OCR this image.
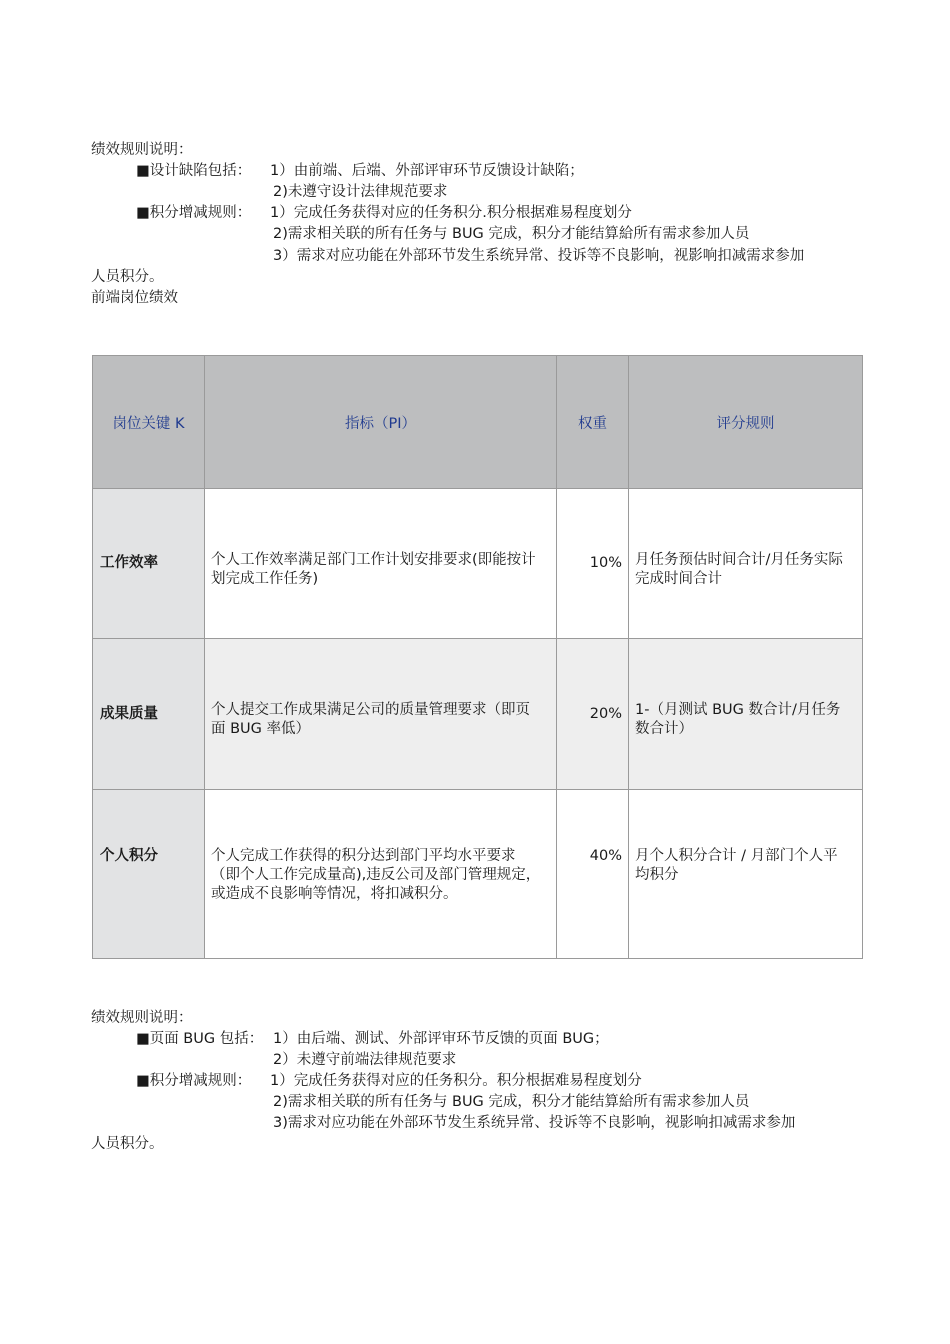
绩效规则说明：
■设计缺陷包括： 1）由前端、后端、外部评审环节反馈设计缺陷；
2)未遵守设计法律规范要求
■积分增减规则： 1）完成任务获得对应的任务积分.积分根据难易程度划分
2)需求相关联的所有任务与 BUG 完成，积分才能结算給所有需求参加人员
3）需求对应功能在外部环节发生系统异常、投诉等不良影响，视影响扣减需求参加
人员积分。
前端岗位绩效
岗位关键 K	指标（PI）	权重	评分规则
工作效率	个人工作效率满足部门工作计划安排要求(即能按计划完成工作任务)	10%	月任务预估时间合计/月任务实际完成时间合计

成果质量	个人提交工作成果满足公司的质量管理要求（即页面 BUG 率低）	20%	1-（月测试 BUG 数合计/月任务数合计）

个人积分	个人完成工作获得的积分达到部门平均水平要求（即个人工作完成量高),违反公司及部门管理规定，或造成不良影响等情况，将扣减积分。	40%	月个人积分合计 / 月部门个人平均积分
绩效规则说明：
■页面 BUG 包括： 1）由后端、测试、外部评审环节反馈的页面 BUG；
2）未遵守前端法律规范要求
■积分增减规则： 1）完成任务获得对应的任务积分。积分根据难易程度划分
2)需求相关联的所有任务与 BUG 完成，积分才能结算給所有需求参加人员
3)需求对应功能在外部环节发生系统异常、投诉等不良影响，视影响扣减需求参加
人员积分。
